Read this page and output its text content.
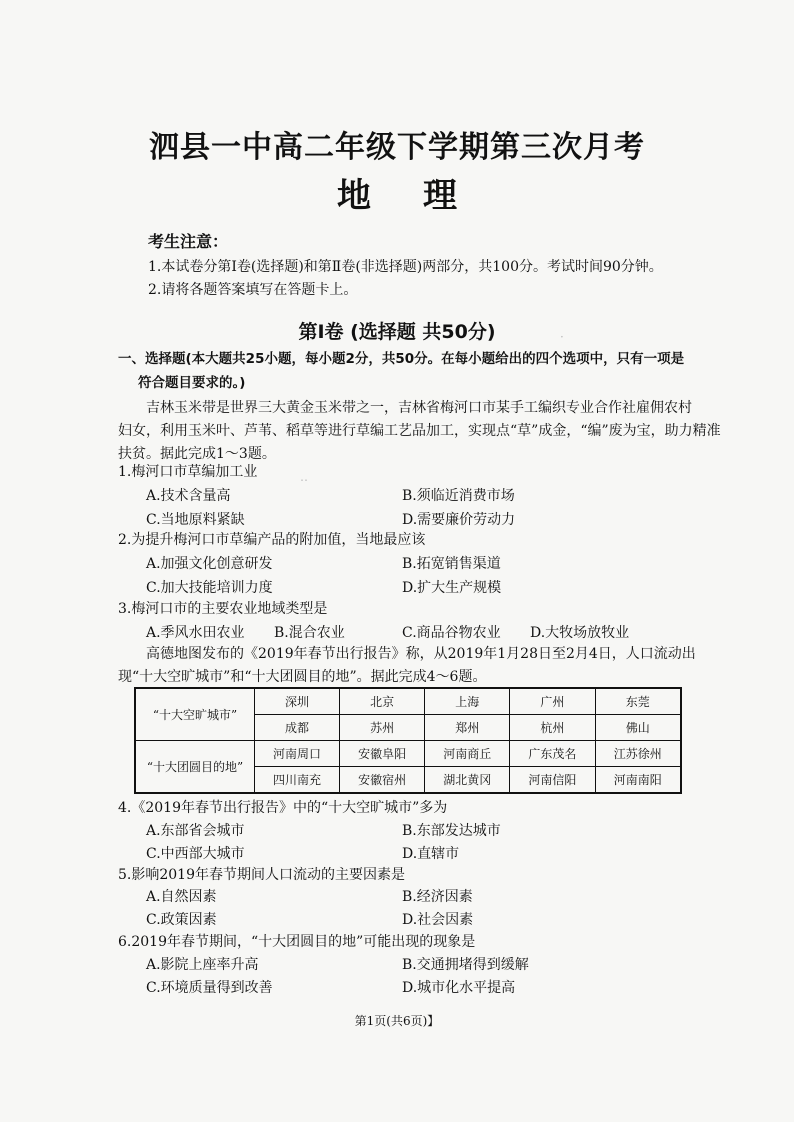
·
‥
泗县一中高二年级下学期第三次月考
地理
考生注意：
1.本试卷分第Ⅰ卷(选择题)和第Ⅱ卷(非选择题)两部分，共100分。考试时间90分钟。
2.请将各题答案填写在答题卡上。
第Ⅰ卷 (选择题 共50分)
一、选择题(本大题共25小题，每小题2分，共50分。在每小题给出的四个选项中，只有一项是
符合题目要求的。)
吉林玉米带是世界三大黄金玉米带之一，吉林省梅河口市某手工编织专业合作社雇佣农村
妇女，利用玉米叶、芦苇、稻草等进行草编工艺品加工，实现点“草”成金，“编”废为宝，助力精准
扶贫。据此完成1～3题。
1.梅河口市草编加工业
A.技术含量高	B.须临近消费市场
C.当地原料紧缺	D.需要廉价劳动力
2.为提升梅河口市草编产品的附加值，当地最应该
A.加强文化创意研发	B.拓宽销售渠道
C.加大技能培训力度	D.扩大生产规模
3.梅河口市的主要农业地域类型是
A.季风水田农业 B.混合农业	C.商品谷物农业 D.大牧场放牧业
高德地图发布的《2019年春节出行报告》称，从2019年1月28日至2月4日，人口流动出
现“十大空旷城市”和“十大团圆目的地”。据此完成4～6题。
“十大空旷城市”	深圳	北京	上海	广州	东莞
	成都	苏州	郑州	杭州	佛山
“十大团圆目的地”	河南周口	安徽阜阳	河南商丘	广东茂名	江苏徐州
	四川南充	安徽宿州	湖北黄冈	河南信阳	河南南阳
4.《2019年春节出行报告》中的“十大空旷城市”多为
A.东部省会城市	B.东部发达城市
C.中西部大城市	D.直辖市
5.影响2019年春节期间人口流动的主要因素是
A.自然因素	B.经济因素
C.政策因素	D.社会因素
6.2019年春节期间，“十大团圆目的地”可能出现的现象是
A.影院上座率升高	B.交通拥堵得到缓解
C.环境质量得到改善	D.城市化水平提高
第1页(共6页)】
